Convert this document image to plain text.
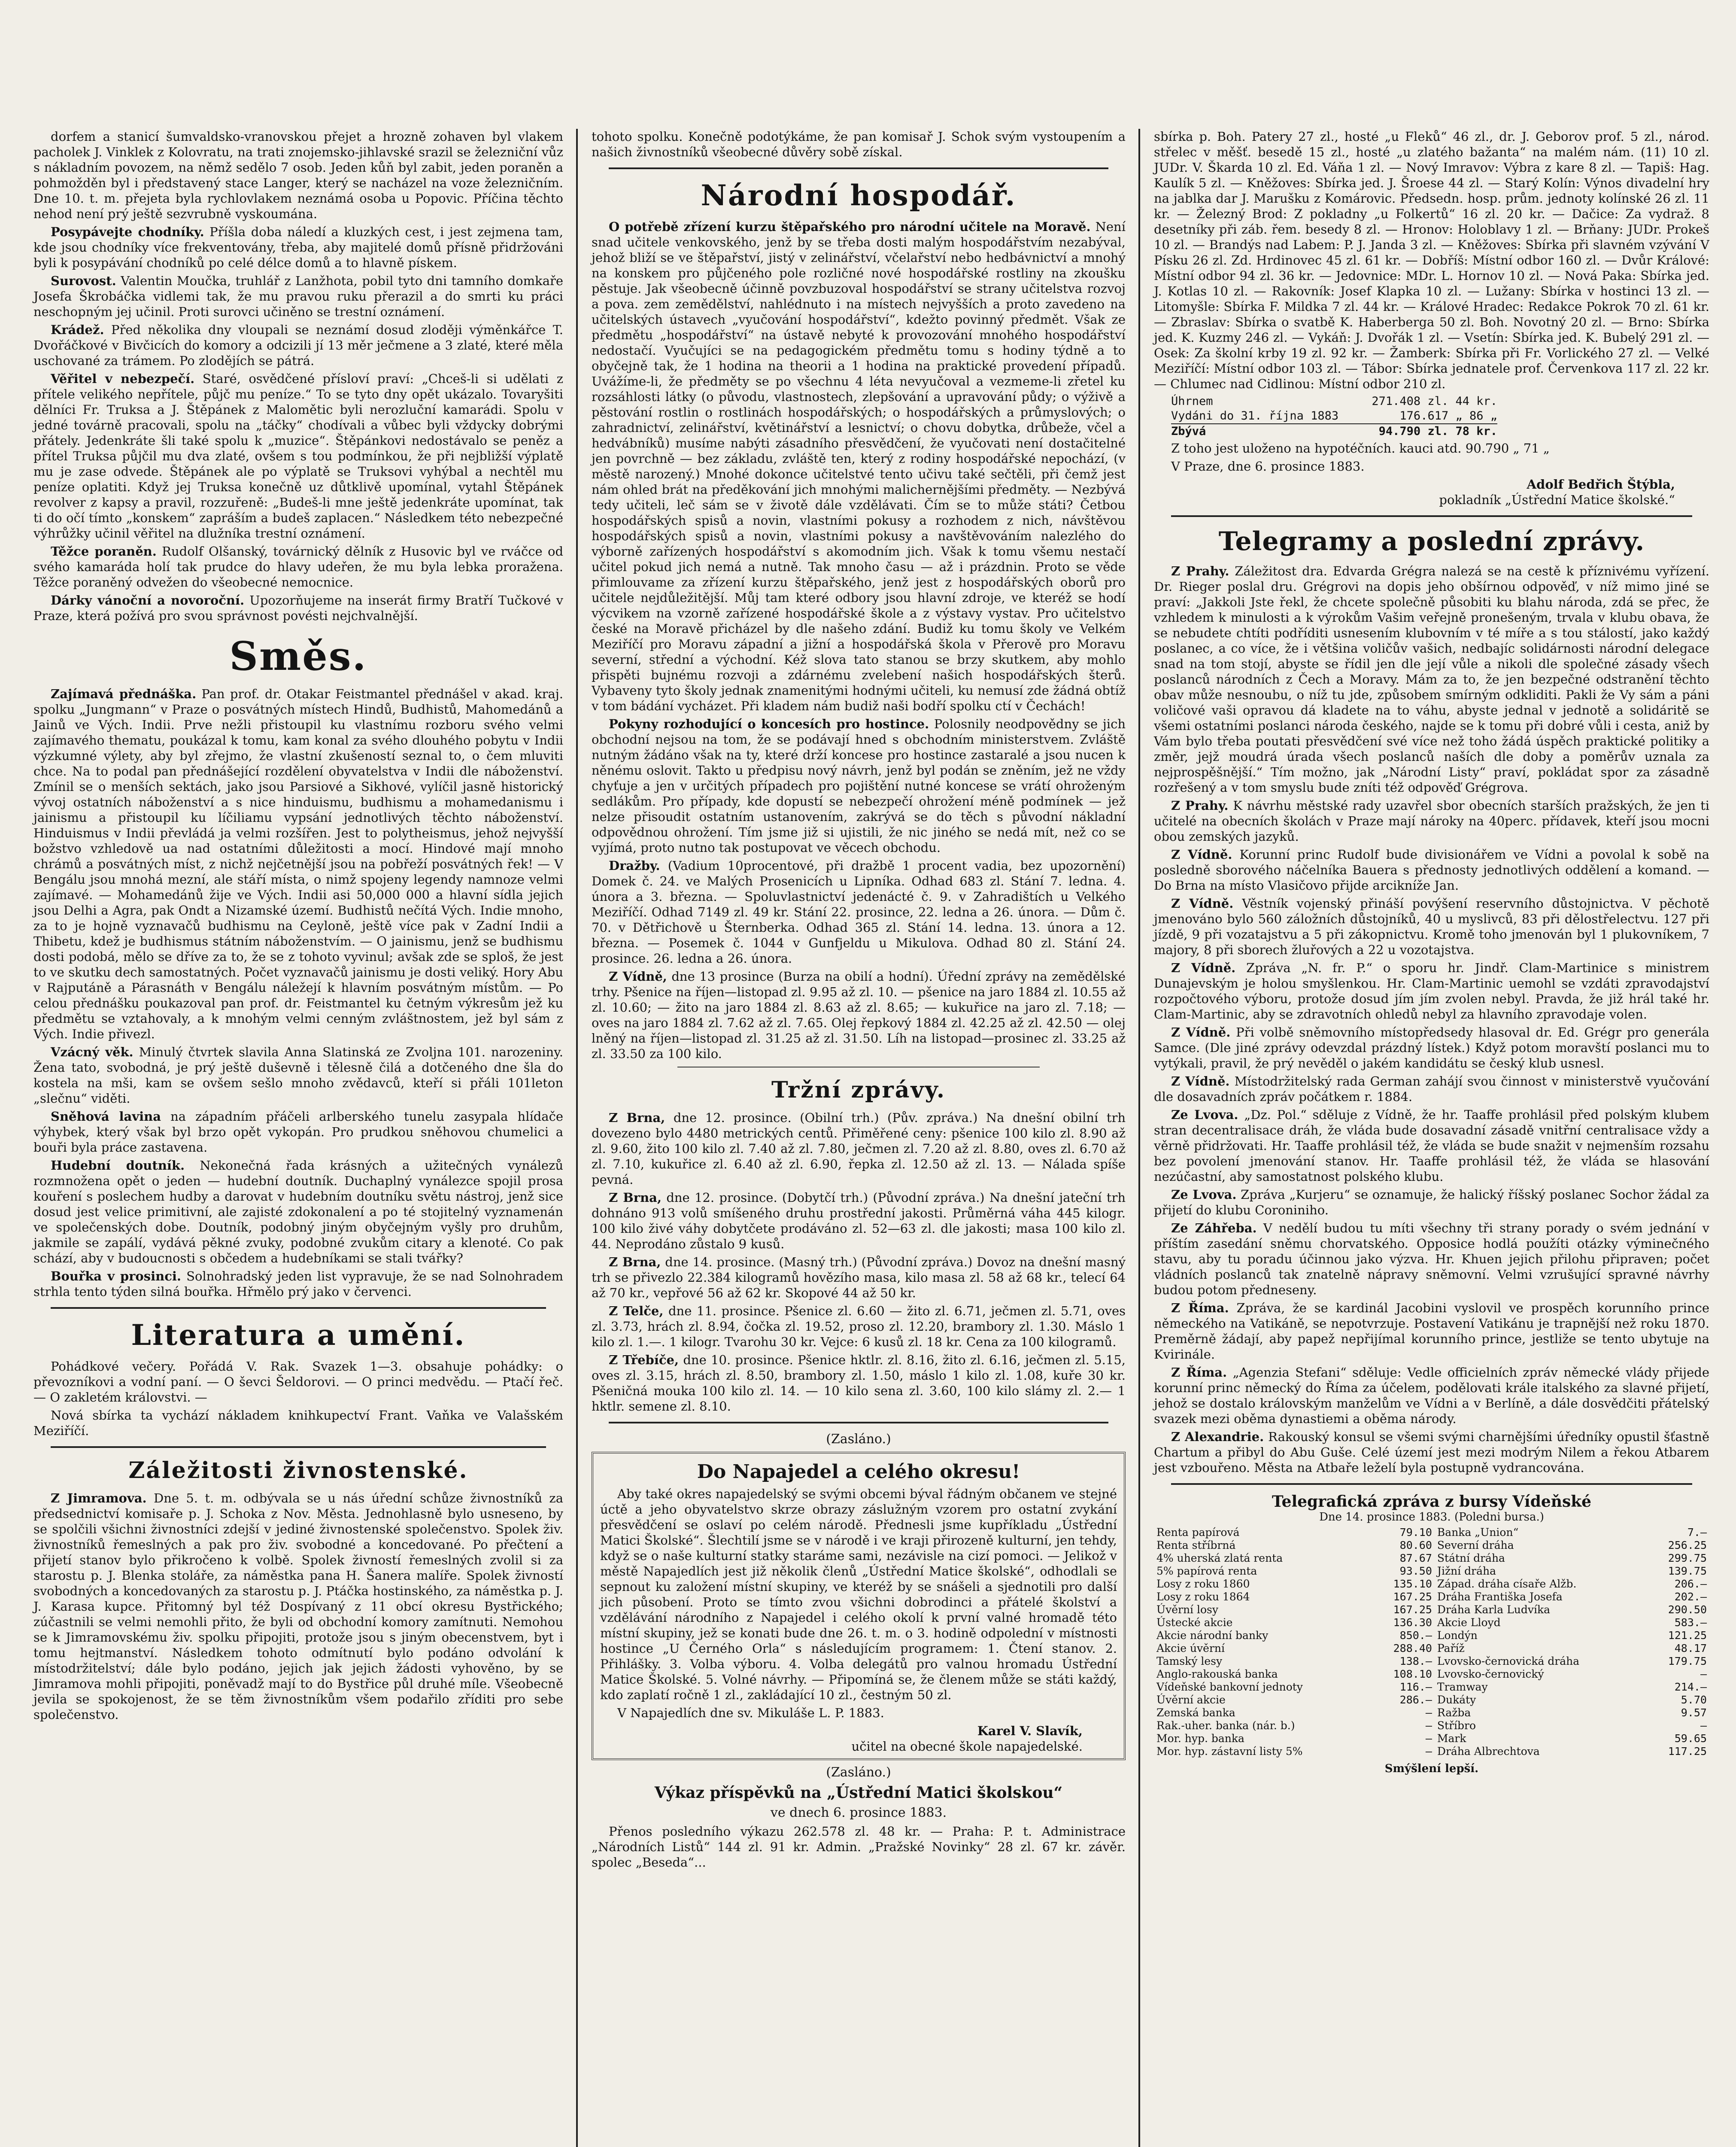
dorfem a stanicí šumvaldsko-vranovskou přejet a hrozně zohaven byl vlakem pacholek J. Vinklek z Kolovratu, na trati znojemsko-jihlavské srazil se železniční vůz s nákladním povozem, na němž sedělo 7 osob. Jeden kůň byl zabit, jeden poraněn a pohmožděn byl i představený stace Langer, který se nacházel na voze železničním. Dne 10. t. m. přejeta byla rychlovlakem neznámá osoba u Popovic. Příčina těchto nehod není prý ještě sezvrubně vyskoumána.

Posypávejte chodníky. Příšla doba náledí a kluzkých cest, i jest zejmena tam, kde jsou chodníky více frekventovány, třeba, aby majitelé domů přísně přidržováni byli k posypávání chodníků po celé délce domů a to hlavně pískem.

Surovost. Valentin Moučka, truhlář z Lanžhota, pobil tyto dni tamního domkaře Josefa Škrobáčka vidlemi tak, že mu pravou ruku přerazil a do smrti ku práci neschopným jej učinil. Proti surovci učiněno se trestní oznámení.

Krádež. Před několika dny vloupali se neznámí dosud zloději výměnkářce T. Dvořáčkové v Bivčicích do komory a odcizili jí 13 měr ječmene a 3 zlaté, které měla uschované za trámem. Po zlodějích se pátrá.

Věřitel v nebezpečí. Staré, osvědčené přísloví praví: „Chceš-li si udělati z přítele velikého nepřítele, půjč mu peníze.“ To se tyto dny opět ukázalo. Tovaryšiti dělníci Fr. Truksa a J. Štěpánek z Malomětic byli nerozluční kamarádi. Spolu v jedné továrně pracovali, spolu na „táčky“ chodívali a vůbec byli vždycky dobrými přátely. Jedenkráte šli také spolu k „muzice“. Štěpánkovi nedostávalo se peněz a přítel Truksa půjčil mu dva zlaté, ovšem s tou podmínkou, že při nejbližší výplatě mu je zase odvede. Štěpánek ale po výplatě se Truksovi vyhýbal a nechtěl mu peníze oplatiti. Když jej Truksa konečně uz důtklivě upomínal, vytahl Štěpánek revolver z kapsy a pravil, rozzuřeně: „Budeš-li mne ještě jedenkráte upomínat, tak ti do očí tímto „konskem“ zapráším a budeš zaplacen.“ Následkem této nebezpečné výhrůžky učinil věřitel na dlužníka trestní oznámení.

Těžce poraněn. Rudolf Olšanský, továrnický dělník z Husovic byl ve rváčce od svého kamaráda holí tak prudce do hlavy udeřen, že mu byla lebka proražena. Těžce poraněný odvežen do všeobecné nemocnice.

Dárky vánoční a novoroční. Upozorňujeme na inserát firmy Bratří Tučkové v Praze, která požívá pro svou správnost povésti nejchvalnější.

Směs.

Zajímavá přednáška. Pan prof. dr. Otakar Feistmantel přednášel v akad. kraj. spolku „Jungmann“ v Praze o posvátných místech Hindů, Budhistů, Mahomedánů a Jainů ve Vých. Indii. Prve nežli přistoupil ku vlastnímu rozboru svého velmi zajímavého thematu, poukázal k tomu, kam konal za svého dlouhého pobytu v Indii výzkumné výlety, aby byl zřejmo, že vlastní zkušeností seznal to, o čem mluviti chce. Na to podal pan přednášející rozdělení obyvatelstva v Indii dle náboženství. Zmínil se o menších sektách, jako jsou Parsiové a Sikhové, vylíčil jasně historický vývoj ostatních náboženství a s nice hinduismu, budhismu a mohamedanismu i jainismu a přistoupil ku líčiliamu vypsání jednotlivých těchto náboženství. Hinduismus v Indii převládá ja velmi rozšířen. Jest to polytheismus, jehož nejvyšší božstvo vzhledově ua nad ostatními důležitosti a mocí. Hindové mají mnoho chrámů a posvátných míst, z nichž nejčetnější jsou na pobřeží posvátných řek! — V Bengálu jsou mnohá mezní, ale stáří místa, o nimž spojeny legendy namnoze velmi zajímavé. — Mohamedánů žije ve Vých. Indii asi 50,000 000 a hlavní sídla jejich jsou Delhi a Agra, pak Ondt a Nizamské území. Budhistů nečítá Vých. Indie mnoho, za to je hojně vyznavačů budhismu na Ceyloně, ještě více pak v Zadní Indii a Thibetu, kdež je budhismus státním náboženstvím. — O jainismu, jenž se budhismu dosti podobá, mělo se dříve za to, že se z tohoto vyvinul; avšak zde se sploš, že jest to ve skutku dech samostatných. Počet vyznavačů jainismu je dosti veliký. Hory Abu v Rajputáně a Párasnáth v Bengálu náležejí k hlavním posvátným místům. — Po celou přednášku poukazoval pan prof. dr. Feistmantel ku četným výkresům jež ku předmětu se vztahovaly, a k mnohým velmi cenným zvláštnostem, jež byl sám z Vých. Indie přivezl.

Vzácný věk. Minulý čtvrtek slavila Anna Slatinská ze Zvoljna 101. narozeniny. Žena tato, svobodná, je prý ještě duševně i tělesně čilá a dotčeného dne šla do kostela na mši, kam se ovšem sešlo mnoho zvědavců, kteří si přáli 101leton „slečnu“ viděti.

Sněhová lavina na západním přáčeli arlberského tunelu zasypala hlídače výhybek, který však byl brzo opět vykopán. Pro prudkou sněhovou chumelici a bouři byla práce zastavena.

Hudební doutník. Nekonečná řada krásných a užitečných vynálezů rozmnožena opět o jeden — hudební doutník. Duchaplný vynálezce spojil prosa kouření s poslechem hudby a darovat v hudebním doutníku světu nástroj, jenž sice dosud jest velice primitivní, ale zajisté zdokonalení a po té stojitelný vyznamenán ve společenských dobe. Doutník, podobný jiným obyčejným vyšly pro druhům, jakmile se zapálí, vydává pěkné zvuky, podobné zvukům citary a klenoté. Co pak schází, aby v budoucnosti s občedem a hudebníkami se stali tvářky?

Bouřka v prosinci. Solnohradský jeden list vypravuje, že se nad Solnohradem strhla tento týden silná bouřka. Hřmělo prý jako v červenci.

Literatura a umění.

Pohádkové večery. Pořádá V. Rak. Svazek 1—3. obsahuje pohádky: o převozníkovi a vodní paní. — O ševci Šeldorovi. — O princi medvědu. — Ptačí řeč. — O zakletém královstvi. —

Nová sbírka ta vychází nákladem knihkupectví Frant. Vaňka ve Valašském Meziříčí.

Záležitosti živnostenské.

Z Jimramova. Dne 5. t. m. odbývala se u nás úřední schůze živnostníků za předsednictví komisaře p. J. Schoka z Nov. Města. Jednohlasně bylo usneseno, by se spolčili všichni živnostníci zdejší v jediné živnostenské společenstvo. Spolek živ. živnostníků řemeslných a pak pro živ. svobodné a koncedované. Po přečtení a přijetí stanov bylo přikročeno k volbě. Spolek živností řemeslných zvolil si za starostu p. J. Blenka stoláře, za náměstka pana H. Šanera malíře. Spolek živností svobodných a koncedovaných za starostu p. J. Ptáčka hostinského, za náměstka p. J. J. Karasa kupce. Přitomný byl též Dospívaný z 11 obcí okresu Bystřického; zúčastnili se velmi nemohli přito, že byli od obchodní komory zamítnuti. Nemohou se k Jimramovskému živ. spolku připojiti, protože jsou s jiným obecenstvem, byt i tomu hejtmanství. Následkem tohoto odmítnutí bylo podáno odvolání k místodržitelství; dále bylo podáno, jejich jak jejich žádosti vyhověno, by se Jimramova mohli připojiti, poněvadž mají to do Bystřice půl druhé míle. Všeobecně jevila se spokojenost, že se těm živnostníkům všem podařilo zříditi pro sebe společenstvo.

tohoto spolku. Konečně podotýkáme, že pan komisař J. Schok svým vystoupením a našich živnostníků všeobecné důvěry sobě získal.

Národní hospodář.

O potřebě zřízení kurzu štěpařského pro národní učitele na Moravě. Není snad učitele venkovského, jenž by se třeba dosti malým hospodářstvím nezabýval, jehož bliží se ve štěpařství, jistý v zelinářství, včelařství nebo hedbávnictví a mnohý na konskem pro půjčeného pole rozličné nové hospodářské rostliny na zkoušku pěstuje. Jak všeobecně účinně povzbuzoval hospodářství se strany učitelstva rozvoj a pova. zem zemědělství, nahlédnuto i na místech nejvyšších a proto zavedeno na učitelských ústavech „vyučování hospodářství“, kdežto povinný předmět. Však ze předmětu „hospodářství“ na ústavě nebyté k provozování mnohého hospodářství nedostačí. Vyučujíci se na pedagogickém předmětu tomu s hodiny týdně a to obyčejně tak, že 1 hodina na theorii a 1 hodina na praktické provedení případů. Uvážíme-li, že předměty se po všechnu 4 léta nevyučoval a vezmeme-li zřetel ku rozsáhlosti látky (o původu, vlastnostech, zlepšování a upravování půdy; o výživě a pěstování rostlin o rostlinách hospodářských; o hospodářských a průmyslových; o zahradnictví, zelinářství, květinářství a lesnictví; o chovu dobytka, drůbeže, včel a hedvábníků) musíme nabýti zásadního přesvědčení, že vyučovati není dostačitelné jen povrchně — bez základu, zvláště ten, který z rodiny hospodářské nepochází, (v městě narozený.) Mnohé dokonce učitelstvé tento učivu také sečtěli, při čemž jest nám ohled brát na předěkování jich mnohými malichernějšími předměty. — Nezbývá tedy učiteli, leč sám se v životě dále vzdělávati. Čím se to může státi? Četbou hospodářských spisů a novin, vlastními pokusy a rozhodem z nich, návštěvou hospodářských spisů a novin, vlastními pokusy a navštěvováním nalezlého do výborně zařízených hospodářství s akomodním jich. Však k tomu všemu nestačí učitel pokud jich nemá a nutně. Tak mnoho času — až i prázdnin. Proto se věde přimlouvame za zřízení kurzu štěpařského, jenž jest z hospodářských oborů pro učitele nejdůležitější. Můj tam které odbory jsou hlavní zdroje, ve kteréž se hodí výcvikem na vzorně zařízené hospodářské škole a z výstavy vystav. Pro učitelstvo české na Moravě přicházel by dle našeho zdání. Budiž ku tomu školy ve Velkém Meziříčí pro Moravu západní a jižní a hospodářská škola v Přerově pro Moravu severní, střední a východní. Kéž slova tato stanou se brzy skutkem, aby mohlo přispěti bujnému rozvoji a zdárnému zvelebení našich hospodářských šterů. Vybaveny tyto školy jednak znamenitými hodnými učiteli, ku nemusí zde žádná obtíž v tom bádání vycházet. Při kladem nám budiž naši bodří spolku ctí v Čechách!

Pokyny rozhodující o koncesích pro hostince. Polosnily neodpovědny se jich obchodní nejsou na tom, že se podávají hned s obchodním ministerstvem. Zvláště nutným žádáno však na ty, které drží koncese pro hostince zastaralé a jsou nucen k něnému oslovit. Takto u předpisu nový návrh, jenž byl podán se zněním, jež ne vždy chyťuje a jen v určitých případech pro pojištění nutné koncese se vrátí ohroženým sedlákům. Pro případy, kde dopustí se nebezpečí ohrožení méně podmínek — jež nelze přisoudit ostatním ustanovením, zakrývá se do těch s původní nákladní odpovědnou ohrožení. Tím jsme již si ujistili, že nic jiného se nedá mít, než co se vyjímá, proto nutno tak postupovat ve věcech obchodu.

Dražby. (Vadium 10procentové, při dražbě 1 procent vadia, bez upozornění) Domek č. 24. ve Malých Prosenicích u Lipníka. Odhad 683 zl. Stání 7. ledna. 4. února a 3. března. — Spoluvlastnictví jedenácté č. 9. v Zahradištích u Velkého Meziříčí. Odhad 7149 zl. 49 kr. Stání 22. prosince, 22. ledna a 26. února. — Dům č. 70. v Dětřichově u Šternberka. Odhad 365 zl. Stání 14. ledna. 13. února a 12. března. — Posemek č. 1044 v Gunfjeldu u Mikulova. Odhad 80 zl. Stání 24. prosince. 26. ledna a 26. února.

Z Vídně, dne 13 prosince (Burza na obilí a hodní). Úřední zprávy na zemědělské trhy. Pšenice na říjen—listopad zl. 9.95 až zl. 10. — pšenice na jaro 1884 zl. 10.55 až zl. 10.60; — žito na jaro 1884 zl. 8.63 až zl. 8.65; — kukuřice na jaro zl. 7.18; — oves na jaro 1884 zl. 7.62 až zl. 7.65. Olej řepkový 1884 zl. 42.25 až zl. 42.50 — olej lněný na říjen—listopad zl. 31.25 až zl. 31.50. Líh na listopad—prosinec zl. 33.25 až zl. 33.50 za 100 kilo.

Tržní zprávy.

Z Brna, dne 12. prosince. (Obilní trh.) (Pův. zpráva.) Na dnešní obilní trh dovezeno bylo 4480 metrických centů. Přiměřené ceny: pšenice 100 kilo zl. 8.90 až zl. 9.60, žito 100 kilo zl. 7.40 až zl. 7.80, ječmen zl. 7.20 až zl. 8.80, oves zl. 6.70 až zl. 7.10, kukuřice zl. 6.40 až zl. 6.90, řepka zl. 12.50 až zl. 13. — Nálada spíše pevná.

Z Brna, dne 12. prosince. (Dobytčí trh.) (Původní zpráva.) Na dnešní jateční trh dohnáno 913 volů smíšeného druhu prostřední jakosti. Průměrná váha 445 kilogr. 100 kilo živé váhy dobytčete prodáváno zl. 52—63 zl. dle jakosti; masa 100 kilo zl. 44. Neprodáno zůstalo 9 kusů.

Z Brna, dne 14. prosince. (Masný trh.) (Původní zpráva.) Dovoz na dnešní masný trh se přivezlo 22.384 kilogramů hovězího masa, kilo masa zl. 58 až 68 kr., telecí 64 až 70 kr., vepřové 56 až 62 kr. Skopové 44 až 50 kr.

Z Telče, dne 11. prosince. Pšenice zl. 6.60 — žito zl. 6.71, ječmen zl. 5.71, oves zl. 3.73, hrách zl. 8.94, čočka zl. 19.52, proso zl. 12.20, brambory zl. 1.30. Máslo 1 kilo zl. 1.—. 1 kilogr. Tvarohu 30 kr. Vejce: 6 kusů zl. 18 kr. Cena za 100 kilogramů.

Z Třebíče, dne 10. prosince. Pšenice hktlr. zl. 8.16, žito zl. 6.16, ječmen zl. 5.15, oves zl. 3.15, hrách zl. 8.50, brambory zl. 1.50, máslo 1 kilo zl. 1.08, kuře 30 kr. Pšeničná mouka 100 kilo zl. 14. — 10 kilo sena zl. 3.60, 100 kilo slámy zl. 2.— 1 hktlr. semene zl. 8.10.

(Zasláno.)
Do Napajedel a celého okresu!

Aby také okres napajedelský se svými obcemi býval řádným občanem ve stejné úctě a jeho obyvatelstvo skrze obrazy záslužným vzorem pro ostatní zvykání přesvědčení se oslaví po celém národě. Přednesli jsme kupříkladu „Ústřední Matici Školské“. Šlechtilí jsme se v národě i ve kraji přirozeně kulturní, jen tehdy, když se o naše kulturní statky staráme sami, nezávisle na cizí pomoci. — Jelikož v městě Napajedlích jest již několik členů „Ústřední Matice školské“, odhodlali se sepnout ku založení místní skupiny, ve kteréž by se snášeli a sjednotili pro další jich působení. Proto se tímto zvou všichni dobrodinci a přátelé školství a vzdělávání národního z Napajedel i celého okolí k první valné hromadě této místní skupiny, jež se konati bude dne 26. t. m. o 3. hodině odpolední v místnosti hostince „U Černého Orla“ s následujícím programem: 1. Čtení stanov. 2. Přihlášky. 3. Volba výboru. 4. Volba delegátů pro valnou hromadu Ústřední Matice Školské. 5. Volné návrhy. — Připomíná se, že členem může se státi každý, kdo zaplatí ročně 1 zl., zakládající 10 zl., čestným 50 zl.

V Napajedlích dne sv. Mikuláše L. P. 1883.

Karel V. Slavík,
učitel na obecné škole napajedelské.
(Zasláno.)
Výkaz příspěvků na „Ústřední Matici školskou“
ve dnech 6. prosince 1883.

Přenos posledního výkazu 262.578 zl. 48 kr. — Praha: P. t. Administrace „Národních Listů“ 144 zl. 91 kr. Admin. „Pražské Novinky“ 28 zl. 67 kr. závěr. spolec „Beseda“...

sbírka p. Boh. Patery 27 zl., hosté „u Fleků“ 46 zl., dr. J. Geborov prof. 5 zl., národ. střelec v měšť. besedě 15 zl., hosté „u zlatého bažanta“ na malém nám. (11) 10 zl. JUDr. V. Škarda 10 zl. Ed. Váňa 1 zl. — Nový Imravov: Výbra z kare 8 zl. — Tapiš: Hag. Kaulík 5 zl. — Kněžoves: Sbírka jed. J. Šroese 44 zl. — Starý Kolín: Výnos divadelní hry na jablka dar J. Marušku z Komárovic. Předsedn. hosp. prům. jednoty kolínské 26 zl. 11 kr. — Železný Brod: Z pokladny „u Folkertů“ 16 zl. 20 kr. — Dačice: Za vydraž. 8 desetníky při záb. řem. besedy 8 zl. — Hronov: Holoblavy 1 zl. — Brňany: JUDr. Prokeš 10 zl. — Brandýs nad Labem: P. J. Janda 3 zl. — Kněžoves: Sbírka při slavném vzývání V Písku 26 zl. Zd. Hrdinovec 45 zl. 61 kr. — Dobříš: Místní odbor 160 zl. — Dvůr Králové: Místní odbor 94 zl. 36 kr. — Jedovnice: MDr. L. Hornov 10 zl. — Nová Paka: Sbírka jed. J. Kotlas 10 zl. — Rakovník: Josef Klapka 10 zl. — Lužany: Sbírka v hostinci 13 zl. — Litomyšle: Sbírka F. Mildka 7 zl. 44 kr. — Králové Hradec: Redakce Pokrok 70 zl. 61 kr. — Zbraslav: Sbírka o svatbě K. Haberberga 50 zl. Boh. Novotný 20 zl. — Brno: Sbírka jed. K. Kuzmy 246 zl. — Vykáň: J. Dvořák 1 zl. — Vsetín: Sbírka jed. K. Bubelý 291 zl. — Osek: Za školní krby 19 zl. 92 kr. — Žamberk: Sbírka při Fr. Vorlického 27 zl. — Velké Meziříčí: Místní odbor 103 zl. — Tábor: Sbírka jednatele prof. Červenkova 117 zl. 22 kr. — Chlumec nad Cidlinou: Místní odbor 210 zl.

Úhrnem	271.408 zl. 44 kr.
Vydáni do 31. října 1883	176.617 „ 86 „
Zbývá	94.790 zl. 78 kr.

Z toho jest uloženo na hypotéčních. kauci atd. 90.790 „ 71 „

V Praze, dne 6. prosince 1883.

Adolf Bedřich Štýbla,
pokladník „Ústřední Matice školské.“
Telegramy a poslední zprávy.

Z Prahy. Záležitost dra. Edvarda Grégra nalezá se na cestě k příznivému vyřízení. Dr. Rieger poslal dru. Grégrovi na dopis jeho obšírnou odpověď, v níž mimo jiné se praví: „Jakkoli Jste řekl, že chcete společně působiti ku blahu národa, zdá se přec, že vzhledem k minulosti a k výrokům Vašim veřejně pronešeným, trvala v klubu obava, že se nebudete chtíti podříditi usnesením klubovním v té míře a s tou stálostí, jako každý poslanec, a co více, že i většina voličův vašich, nedbajíc solidárnosti národní delegace snad na tom stojí, abyste se řídil jen dle její vůle a nikoli dle společné zásady všech poslanců národních z Čech a Moravy. Mám za to, že jen bezpečné odstranění těchto obav může nesnoubu, o níž tu jde, způsobem smírným odkliditi. Pakli že Vy sám a páni voličové vaši opravou dá kladete na to váhu, abyste jednal v jednotě a solidáritě se všemi ostatními poslanci národa českého, najde se k tomu při dobré vůli i cesta, aniž by Vám bylo třeba poutati přesvědčení své více než toho žádá úspěch praktické politiky a změr, jejž moudrá úrada všech poslanců naších dle doby a poměrův uznala za nejprospěšnější.“ Tím možno, jak „Národní Listy“ praví, pokládat spor za zásadně rozřešený a v tom smyslu bude zníti též odpověď Grégrova.

Z Prahy. K návrhu městské rady uzavřel sbor obecních starších pražských, že jen ti učitelé na obecních školách v Praze mají nároky na 40perc. přídavek, kteří jsou mocni obou zemských jazyků.

Z Vídně. Korunní princ Rudolf bude divisionářem ve Vídni a povolal k sobě na posledně sborového náčelníka Bauera s přednosty jednotlivých oddělení a komand. — Do Brna na místo Vlasičovo přijde arcikníže Jan.

Z Vídně. Věstník vojenský přináší povýšení reservního důstojnictva. V pěchotě jmenováno bylo 560 záložních důstojníků, 40 u myslivců, 83 při dělostřelectvu. 127 při jízdě, 9 při vozatajstvu a 5 při zákopnictvu. Kromě toho jmenován byl 1 plukovníkem, 7 majory, 8 při sborech žluřových a 22 u vozotajstva.

Z Vídně. Zpráva „N. fr. P.“ o sporu hr. Jindř. Clam-Martinice s ministrem Dunajevským je holou smyšlenkou. Hr. Clam-Martinic uemohl se vzdáti zpravodajství rozpočtového výboru, protože dosud jím jím zvolen nebyl. Pravda, že již hrál také hr. Clam-Martinic, aby se zdravotních ohledů nebyl za hlavního zpravodaje volen.

Z Vídně. Při volbě sněmovního místopředsedy hlasoval dr. Ed. Grégr pro generála Samce. (Dle jiné zprávy odevzdal prázdný lístek.) Když potom moravští poslanci mu to vytýkali, pravil, že prý nevěděl o jakém kandidátu se český klub usnesl.

Z Vídně. Místodržitelský rada German zahájí svou činnost v ministerstvě vyučování dle dosavadních zpráv počátkem r. 1884.

Ze Lvova. „Dz. Pol.“ sděluje z Vídně, že hr. Taaffe prohlásil před polským klubem stran decentralisace dráh, že vláda bude dosavadní zásadě vnitřní centralisace vždy a věrně přidržovati. Hr. Taaffe prohlásil též, že vláda se bude snažit v nejmenším rozsahu bez povolení jmenování stanov. Hr. Taaffe prohlásil též, že vláda se hlasování nezúčastní, aby samostatnost polského klubu.

Ze Lvova. Zpráva „Kurjeru“ se oznamuje, že halický říšský poslanec Sochor žádal za přijetí do klubu Coroniniho.

Ze Záhřeba. V nedělí budou tu míti všechny tři strany porady o svém jednání v příštím zasedání sněmu chorvatského. Opposice hodlá použíti otázky výminečného stavu, aby tu poradu účinnou jako výzva. Hr. Khuen jejich přilohu připraven; počet vládních poslanců tak znatelně nápravy sněmovní. Velmi vzrušující spravné návrhy budou potom předneseny.

Z Říma. Zpráva, že se kardinál Jacobini vyslovil ve prospěch korunního prince německého na Vatikáně, se nepotvrzuje. Postavení Vatikánu je trapnější než roku 1870. Preměrně žádají, aby papež nepřijímal korunního prince, jestliže se tento ubytuje na Kvirinále.

Z Říma. „Agenzia Stefani“ sděluje: Vedle officielních zpráv německé vlády přijede korunní princ německý do Říma za účelem, podělovati krále italského za slavné přijetí, jehož se dostalo královským manželům ve Vídni a v Berlíně, a dále dosvědčiti přátelský svazek mezi oběma dynastiemi a oběma národy.

Z Alexandrie. Rakouský konsul se všemi svými charnějšími úředníky opustil šťastně Chartum a přibyl do Abu Guše. Celé území jest mezi modrým Nilem a řekou Atbarem jest vzbouřeno. Města na Atbaře leželí byla postupně vydrancována.

Telegrafická zpráva z bursy Vídeňské
Dne 14. prosince 1883. (Poledni bursa.)
Renta papírová	79.10	Banka „Union“	7.—
Renta stříbrná	80.60	Severní dráha	256.25
4% uherská zlatá renta	87.67	Státní dráha	299.75
5% papírová renta	93.50	Jižní dráha	139.75
Losy z roku 1860	135.10	Západ. dráha císaře Alžb.	206.—
Losy z roku 1864	167.25	Dráha Františka Josefa	202.—
Úvěrní losy	167.25	Dráha Karla Ludvíka	290.50
Ústecké akcie	136.30	Akcie Lloyd	583.—
Akcie národní banky	850.—	Londýn	121.25
Akcie úvěrní	288.40	Paříž	48.17
Tamský lesy	138.—	Lvovsko-černovická dráha	179.75
Anglo-rakouská banka	108.10	Lvovsko-černovický	—
Vídeňské bankovní jednoty	116.—	Tramway	214.—
Úvěrní akcie	286.—	Dukáty	5.70
Zemská banka	—	Ražba	9.57
Rak.-uher. banka (nár. b.)	—	Stříbro	—
Mor. hyp. banka	—	Mark	59.65
Mor. hyp. zástavní listy 5%	—	Dráha Albrechtova	117.25
Smýšlení lepší.
